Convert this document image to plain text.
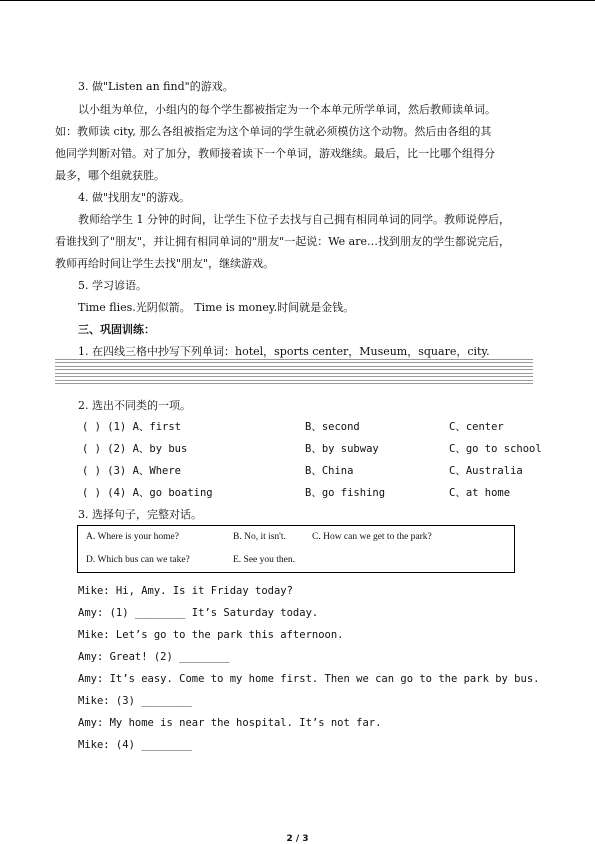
3. 做"Listen an find"的游戏。
以小组为单位，小组内的每个学生都被指定为一个本单元所学单词，然后教师读单词。
如：教师读 city, 那么各组被指定为这个单词的学生就必须模仿这个动物。然后由各组的其
他同学判断对错。对了加分，教师接着读下一个单词，游戏继续。最后，比一比哪个组得分
最多，哪个组就获胜。
4. 做"找朋友"的游戏。
教师给学生 1 分钟的时间，让学生下位子去找与自己拥有相同单词的同学。教师说停后，
看谁找到了"朋友"，并让拥有相同单词的"朋友"一起说：We are…找到朋友的学生都说完后，
教师再给时间让学生去找"朋友"，继续游戏。
5. 学习谚语。
Time flies.光阴似箭。 Time is money.时间就是金钱。
三、巩固训练：
1. 在四线三格中抄写下列单词：hotel，sports center，Museum，square，city.
2. 选出不同类的一项。
( ) (1) A、first	B、second	C、center
( ) (2) A、by bus	B、by subway	C、go to school
( ) (3) A、Where	B、China	C、Australia
( ) (4) A、go boating	B、go fishing	C、at home
3. 选择句子，完整对话。
A. Where is your home?	B. No, it isn't.	C. How can we get to the park?
D. Which bus can we take?	E. See you then.
Mike: Hi, Amy. Is it Friday today?
Amy: (1) ________ It’s Saturday today.
Mike: Let’s go to the park this afternoon.
Amy: Great! (2) ________
Amy: It’s easy. Come to my home first. Then we can go to the park by bus.
Mike: (3) ________
Amy: My home is near the hospital. It’s not far.
Mike: (4) ________
2 / 3
